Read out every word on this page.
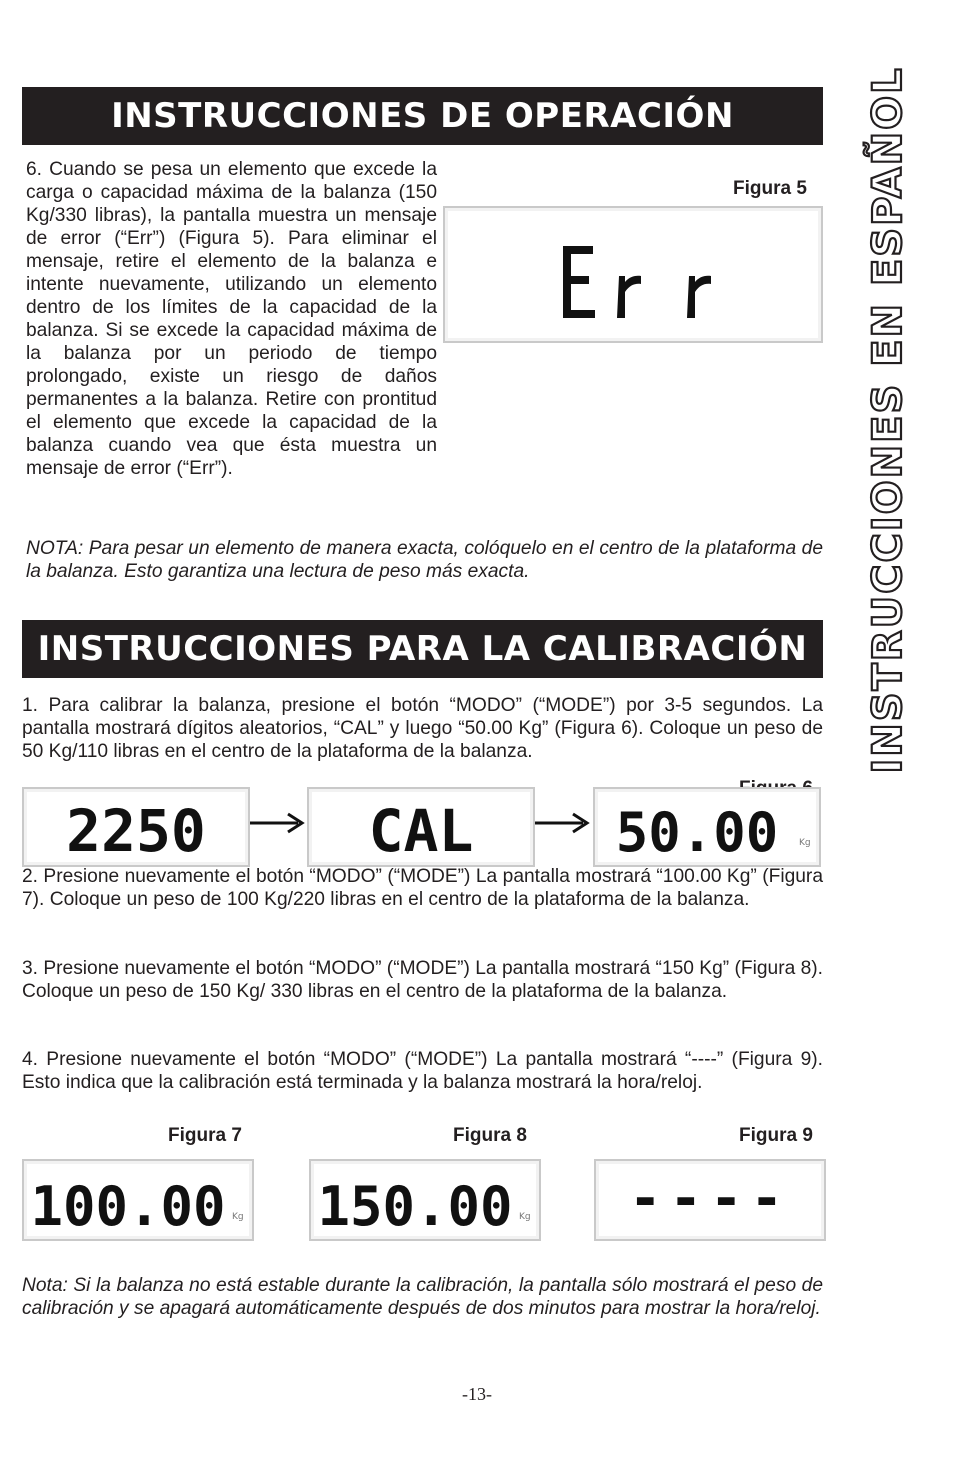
INSTRUCCIONES EN ESPAÑOL
INSTRUCCIONES DE OPERACIÓN
6. Cuando se pesa un elemento que excede la carga o capacidad máxima de la balanza (150 Kg/330 libras), la pantalla muestra un mensaje de error (“Err”) (Figura 5). Para eliminar el mensaje, retire el elemento de la balanza e intente nuevamente, utilizando un elemento dentro de los límites de la capacidad de la balanza. Si se excede la capacidad máxima de la balanza por un periodo de tiempo prolongado, existe un riesgo de daños permanentes a la balanza. Retire con prontitud el elemento que excede la capacidad de la balanza cuando vea que ésta muestra un mensaje de error (“Err”).
Figura 5
NOTA: Para pesar un elemento de manera exacta, colóquelo en el centro de la plataforma de la balanza. Esto garantiza una lectura de peso más exacta.
INSTRUCCIONES PARA LA CALIBRACIÓN
1. Para calibrar la balanza, presione el botón “MODO” (“MODE”) por 3-5 segundos. La pantalla mostrará dígitos aleatorios, “CAL” y luego “50.00 Kg” (Figura 6). Coloque un peso de 50 Kg/110 libras en el centro de la plataforma de la balanza.
2250	CAL	50.00 Kg
2. Presione nuevamente el botón “MODO” (“MODE”) La pantalla mostrará “100.00 Kg” (Figura 7). Coloque un peso de 100 Kg/220 libras en el centro de la plataforma de la balanza.
3. Presione nuevamente el botón “MODO” (“MODE”) La pantalla mostrará “150 Kg” (Figura 8). Coloque un peso de 150 Kg/ 330 libras en el centro de la plataforma de la balanza.
4. Presione nuevamente el botón “MODO” (“MODE”) La pantalla mostrará “----” (Figura 9). Esto indica que la calibración está terminada y la balanza mostrará la hora/reloj.
Figura 7	Figura 8	Figura 9
100.00 Kg 150.00 Kg ----
Nota: Si la balanza no está estable durante la calibración, la pantalla sólo mostrará el peso de calibración y se apagará automáticamente después de dos minutos para mostrar la hora/reloj.
-13-
